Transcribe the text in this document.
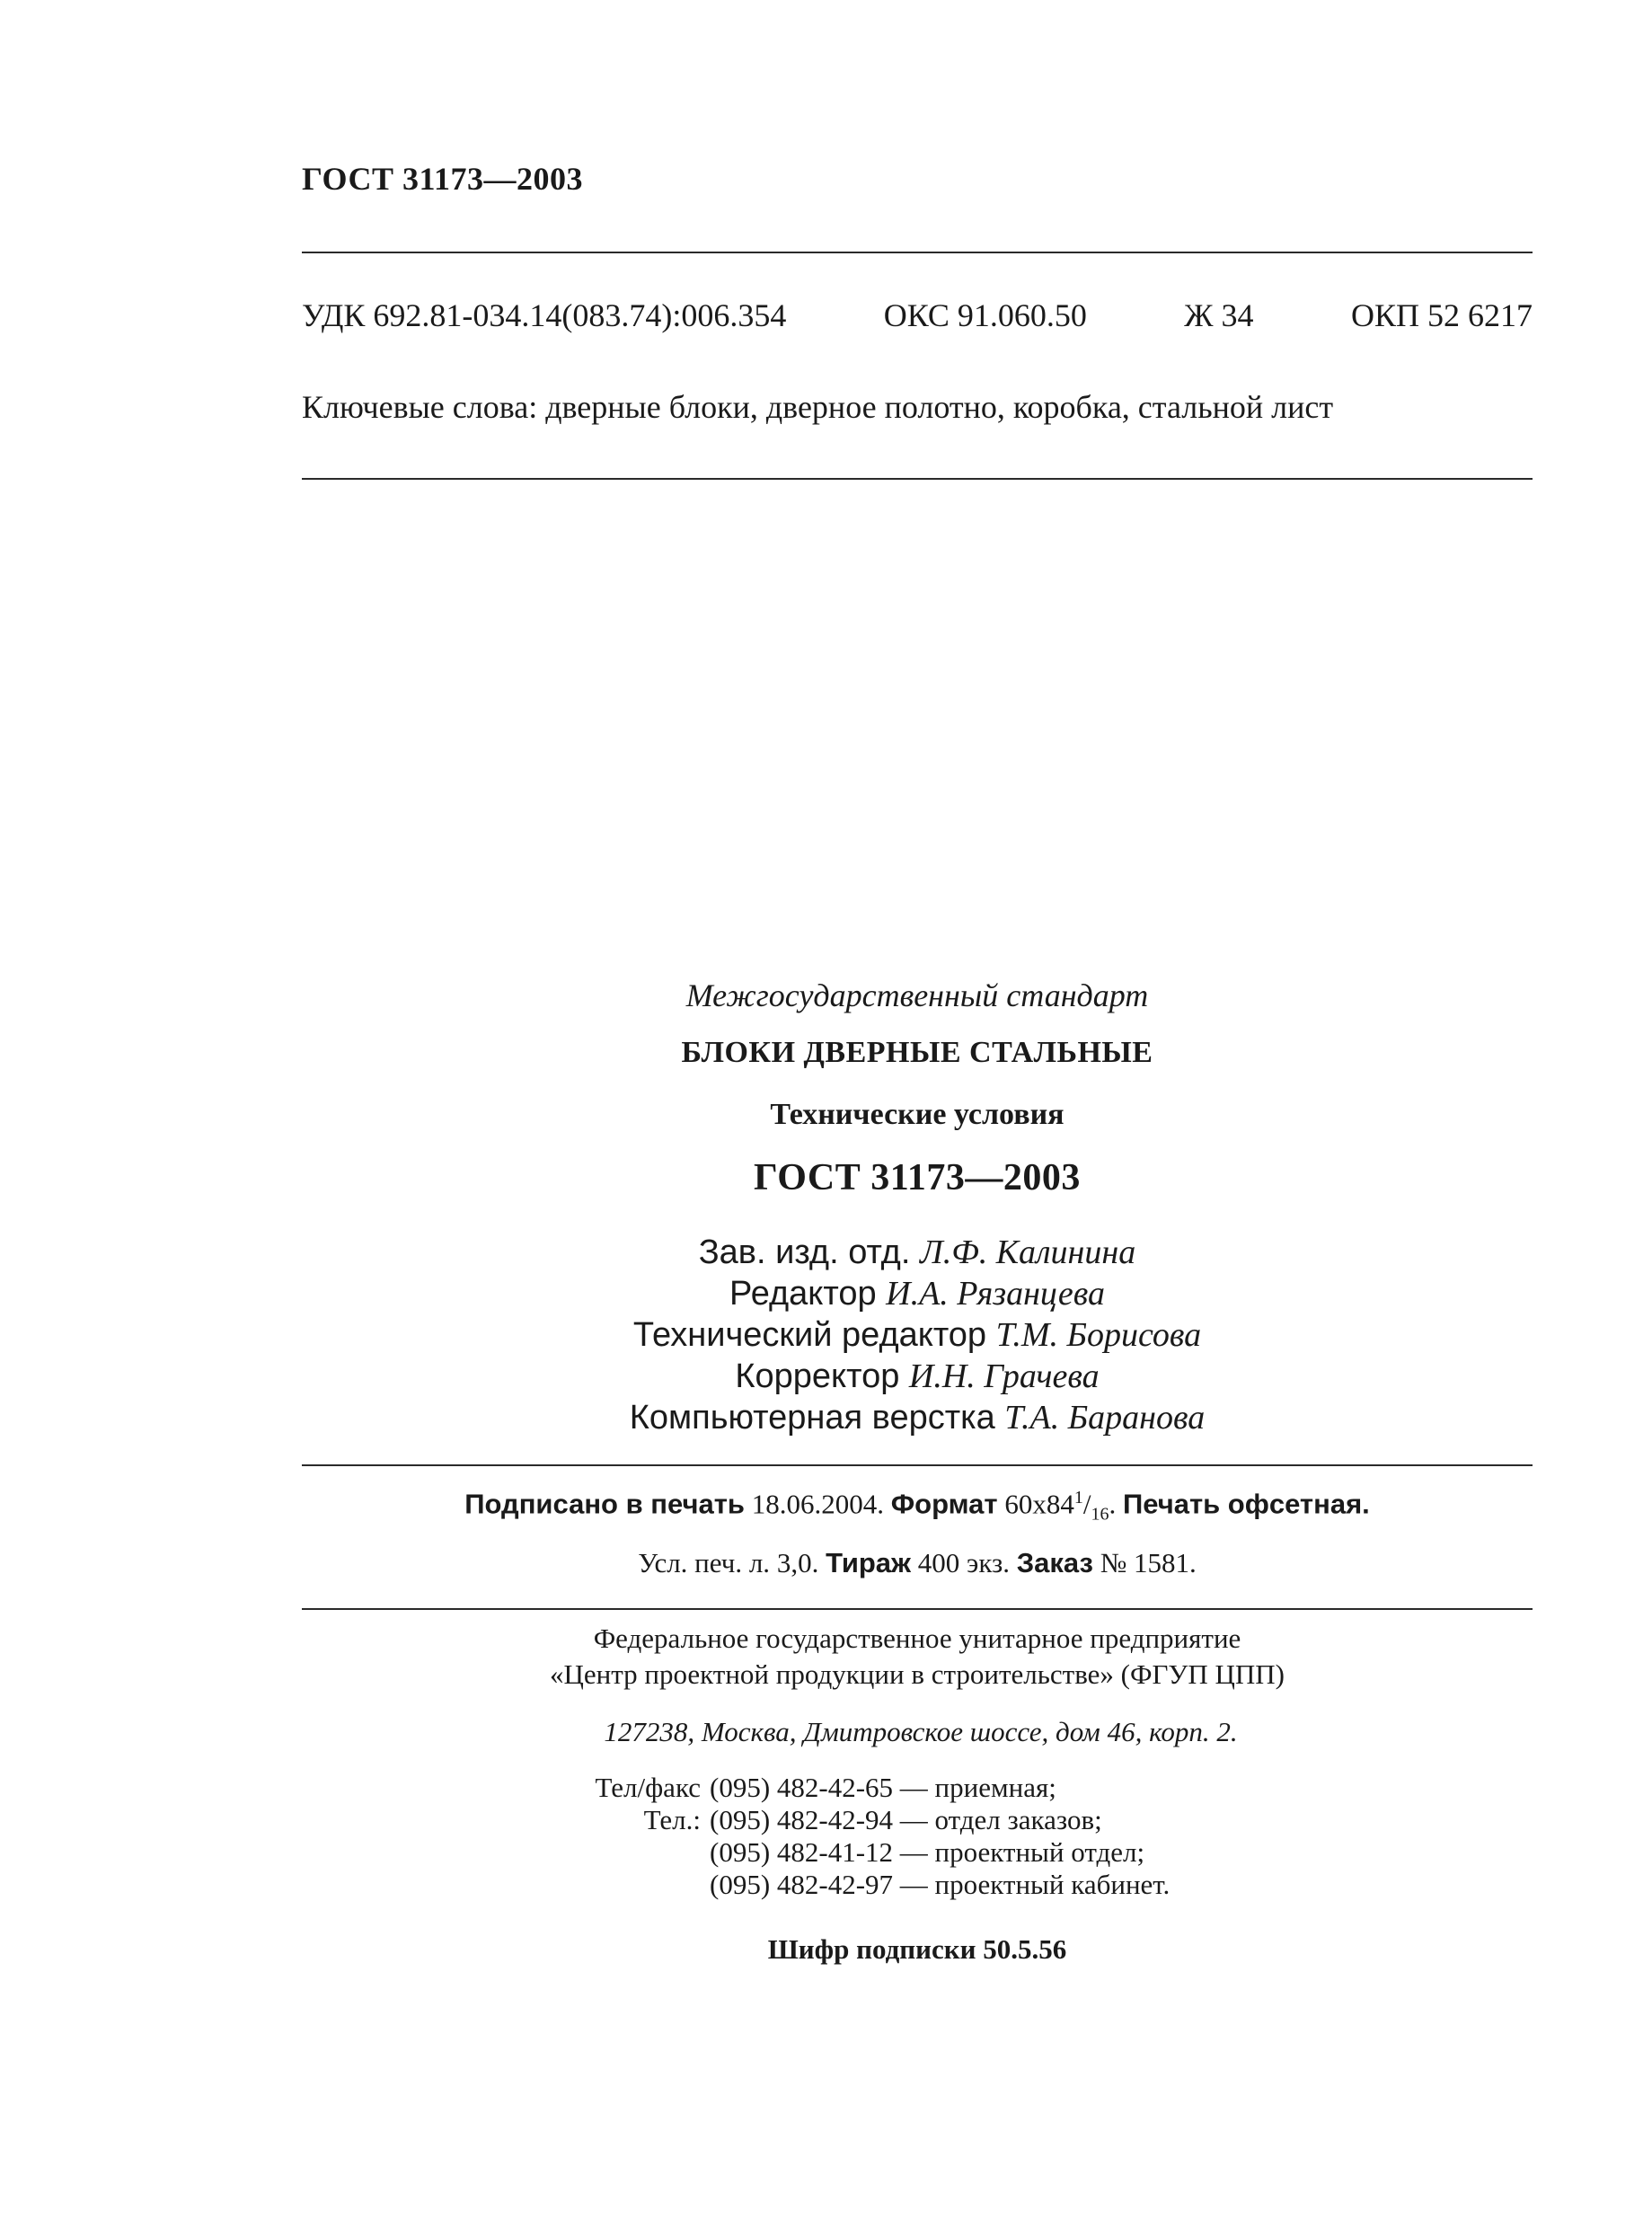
ГОСТ 31173—2003
УДК 692.81-034.14(083.74):006.354	ОКС 91.060.50	Ж 34	ОКП 52 6217
Ключевые слова: дверные блоки, дверное полотно, коробка, стальной лист
Межгосударственный стандарт
БЛОКИ ДВЕРНЫЕ СТАЛЬНЫЕ
Технические условия
ГОСТ 31173—2003
Зав. изд. отд. Л.Ф. Калинина
Редактор И.А. Рязанцева
Технический редактор Т.М. Борисова
Корректор И.Н. Грачева
Компьютерная верстка Т.А. Баранова
Подписано в печать 18.06.2004. Формат $60х84^1/_{16}$. Печать офсетная.
Усл. печ. л. 3,0. Тираж 400 экз. Заказ № 1581.
Федеральное государственное унитарное предприятие
«Центр проектной продукции в строительстве» (ФГУП ЦПП)
127238, Москва, Дмитровское шоссе, дом 46, корп. 2.
Тел/факс (095) 482-42-65 — приемная;
Тел.: (095) 482-42-94 — отдел заказов;
(095) 482-41-12 — проектный отдел;
(095) 482-42-97 — проектный кабинет.
Шифр подписки 50.5.56
